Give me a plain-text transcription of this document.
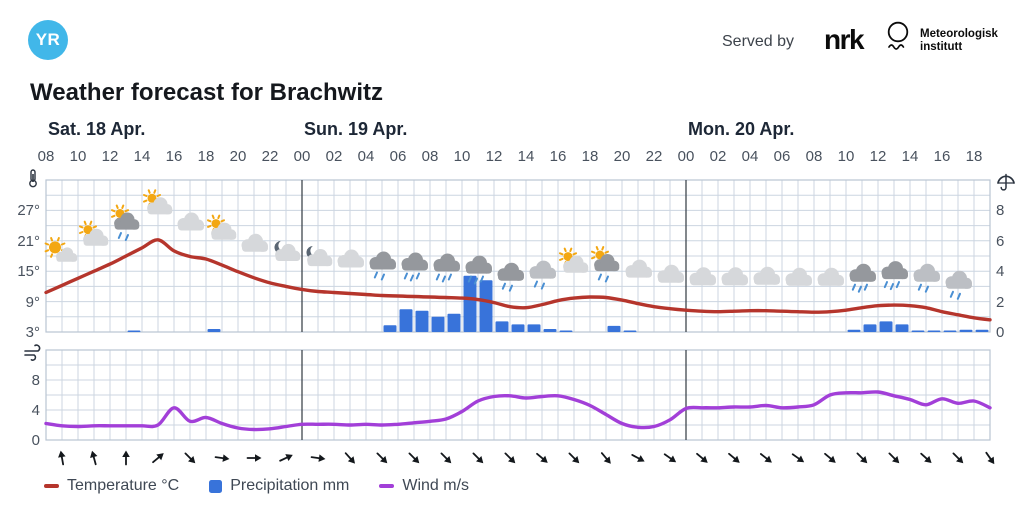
YR	Served by nrk	Meteorologisk
institutt
Weather forecast for Brachwitz
Sat. 18 Apr.	Sun. 19 Apr.	Mon. 20 Apr.
08	10	12	14	16	18	20	22	00	02	04	06	08	10	12	14	16	18	20	22	00	02	04	06	08	10	12	14	16	18
27°
21°
15°
9°
3°
8
6
4
2
0
8
4
0
Temperature °C	Precipitation mm	Wind m/s
